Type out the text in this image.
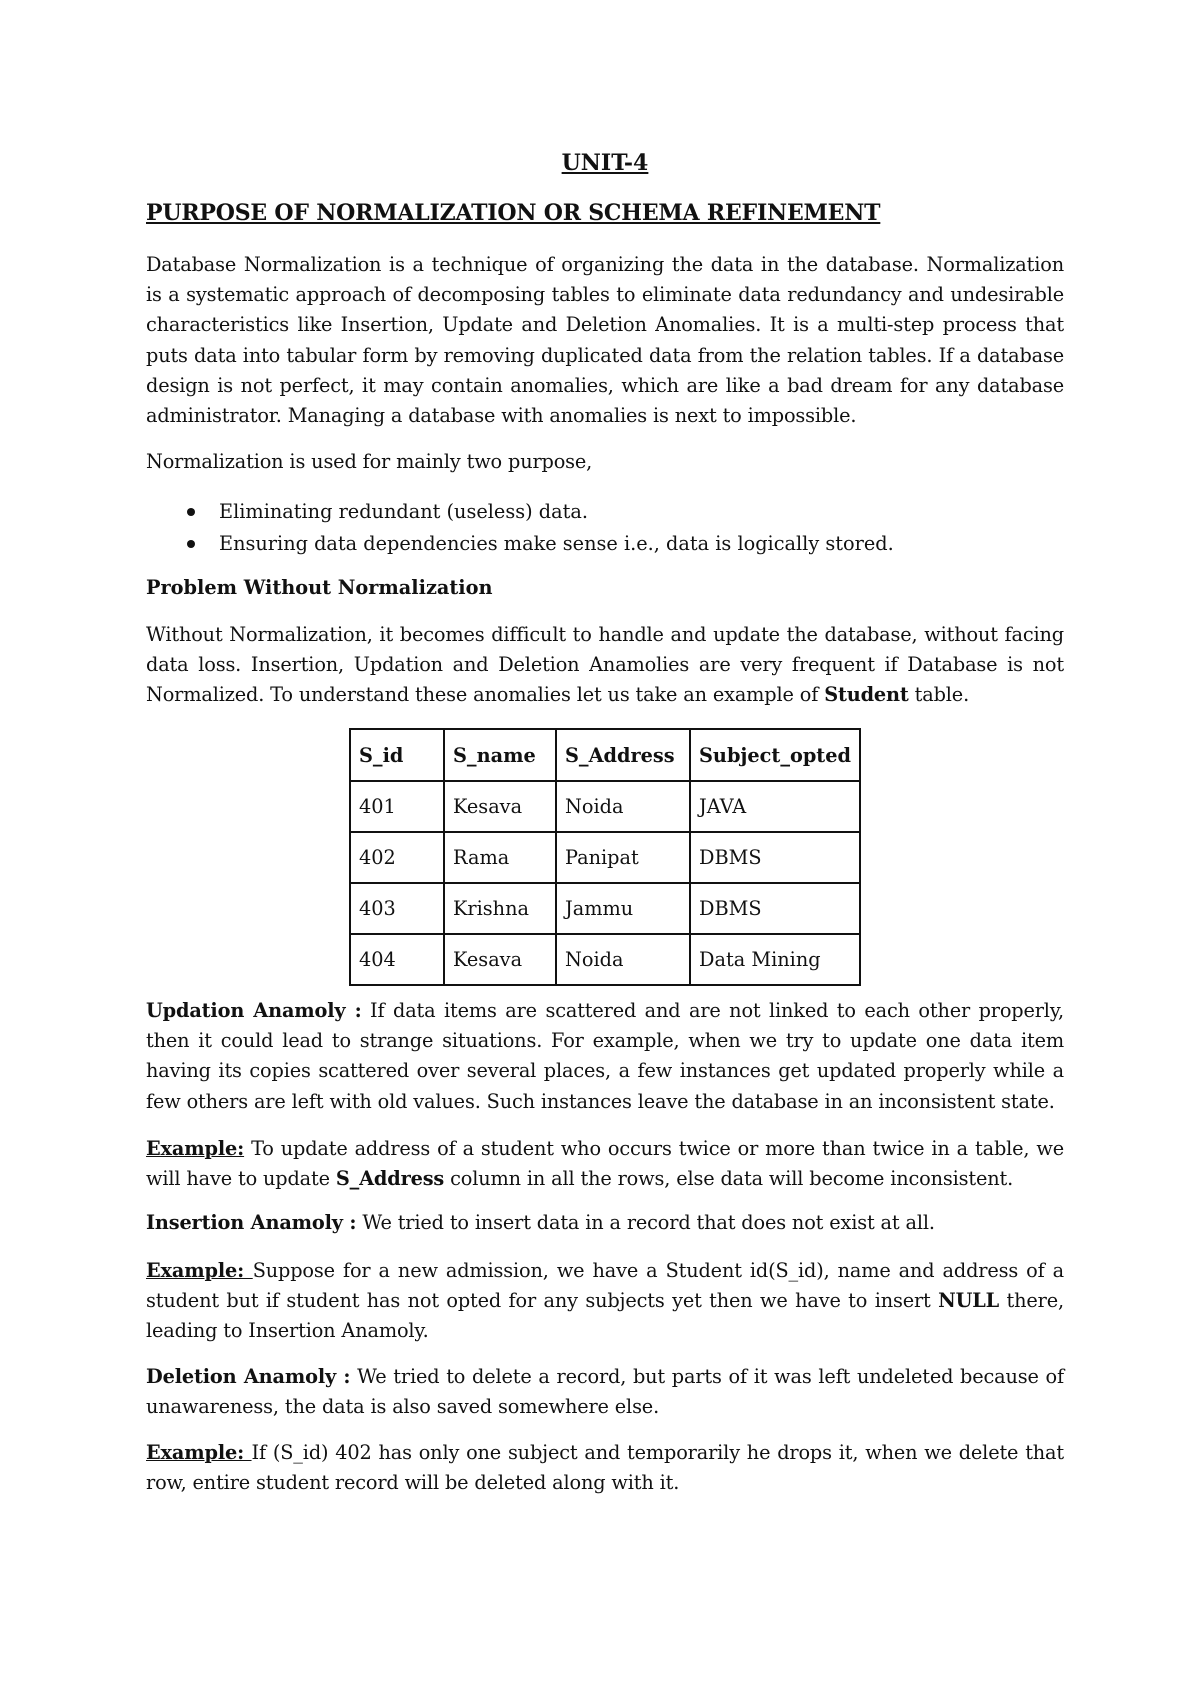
UNIT-4
PURPOSE OF NORMALIZATION OR SCHEMA REFINEMENT

Database Normalization is a technique of organizing the data in the database. Normalization is a systematic approach of decomposing tables to eliminate data redundancy and undesirable characteristics like Insertion, Update and Deletion Anomalies. It is a multi-step process that puts data into tabular form by removing duplicated data from the relation tables. If a database design is not perfect, it may contain anomalies, which are like a bad dream for any database administrator. Managing a database with anomalies is next to impossible.

Normalization is used for mainly two purpose,

Eliminating redundant (useless) data.
Ensuring data dependencies make sense i.e., data is logically stored.
Problem Without Normalization

Without Normalization, it becomes difficult to handle and update the database, without facing data loss. Insertion, Updation and Deletion Anamolies are very frequent if Database is not Normalized. To understand these anomalies let us take an example of Student table.

S_id	S_name	S_Address	Subject_opted
401	Kesava	Noida	JAVA
402	Rama	Panipat	DBMS
403	Krishna	Jammu	DBMS
404	Kesava	Noida	Data Mining

Updation Anamoly : If data items are scattered and are not linked to each other properly, then it could lead to strange situations. For example, when we try to update one data item having its copies scattered over several places, a few instances get updated properly while a few others are left with old values. Such instances leave the database in an inconsistent state.

Example: To update address of a student who occurs twice or more than twice in a table, we will have to update S_Address column in all the rows, else data will become inconsistent.

Insertion Anamoly : We tried to insert data in a record that does not exist at all.

Example: Suppose for a new admission, we have a Student id(S_id), name and address of a student but if student has not opted for any subjects yet then we have to insert NULL there, leading to Insertion Anamoly.

Deletion Anamoly : We tried to delete a record, but parts of it was left undeleted because of unawareness, the data is also saved somewhere else.

Example: If (S_id) 402 has only one subject and temporarily he drops it, when we delete that row, entire student record will be deleted along with it.
